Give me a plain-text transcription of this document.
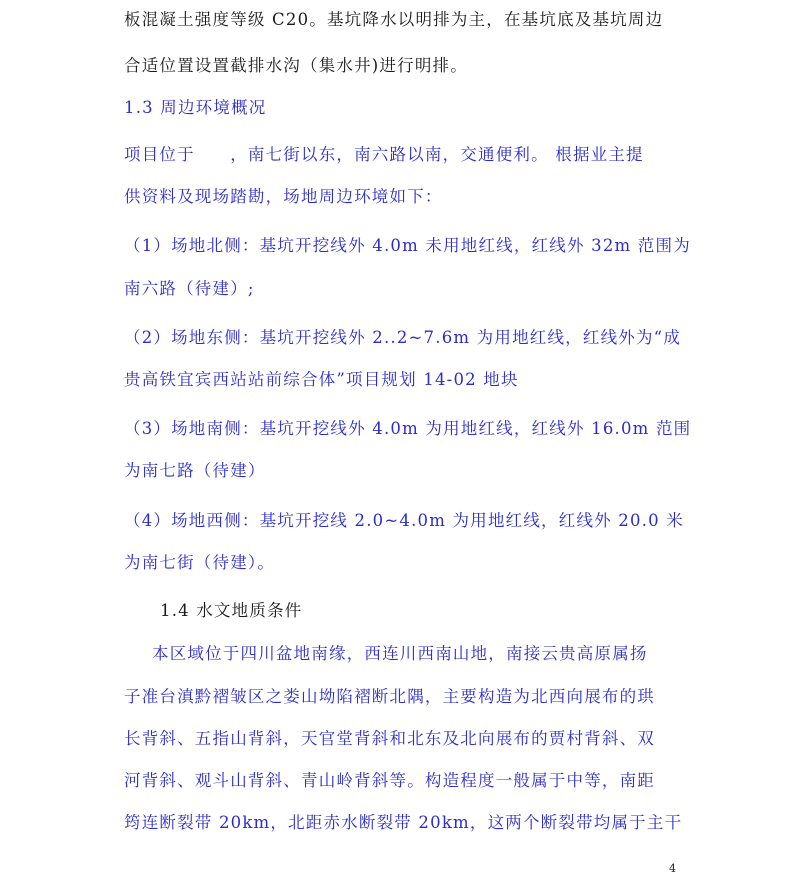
板混凝土强度等级 C20。基坑降水以明排为主，在基坑底及基坑周边
合适位置设置截排水沟（集水井)进行明排。
1.3 周边环境概况
项目位于　　，南七街以东，南六路以南，交通便利。 根据业主提
供资料及现场踏勘，场地周边环境如下：
（1）场地北侧：基坑开挖线外 4.0m 未用地红线，红线外 32m 范围为
南六路（待建）;
（2）场地东侧：基坑开挖线外 2..2~7.6m 为用地红线，红线外为“成
贵高铁宜宾西站站前综合体”项目规划 14-02 地块
（3）场地南侧：基坑开挖线外 4.0m 为用地红线，红线外 16.0m 范围
为南七路（待建）
（4）场地西侧：基坑开挖线 2.0~4.0m 为用地红线，红线外 20.0 米
为南七街（待建）。
1.4 水文地质条件
本区域位于四川盆地南缘，西连川西南山地，南接云贵高原属扬
子准台滇黔褶皱区之娄山坳陷褶断北隅，主要构造为北西向展布的珙
长背斜、五指山背斜，天官堂背斜和北东及北向展布的贾村背斜、双
河背斜、观斗山背斜、青山岭背斜等。构造程度一般属于中等，南距
筠连断裂带 20km，北距赤水断裂带 20km，这两个断裂带均属于主干
4
